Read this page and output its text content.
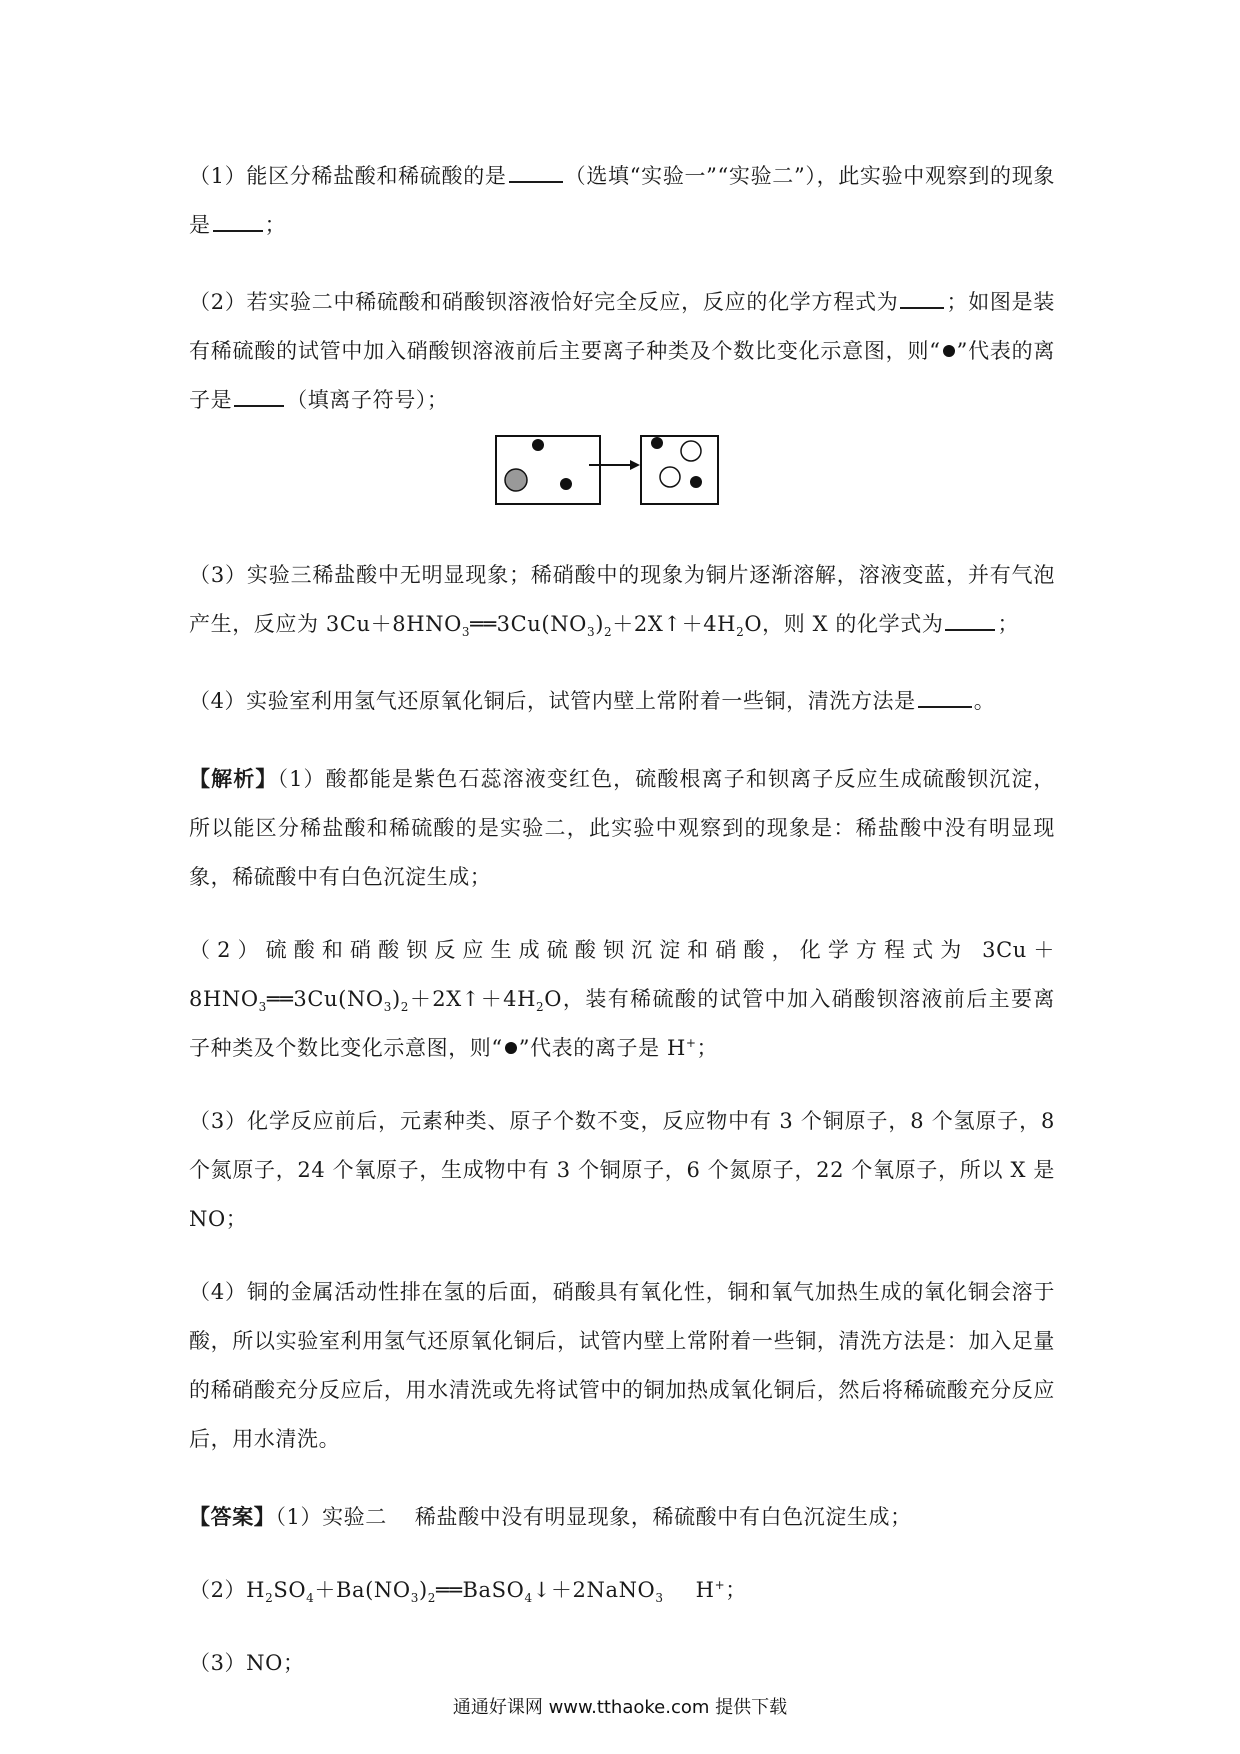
（1）能区分稀盐酸和稀硫酸的是	（选填“实验一”“实验二”），此实验中观察到的现象是	；

（2）若实验二中稀硫酸和硝酸钡溶液恰好完全反应，反应的化学方程式为 ；如图是装有稀硫酸的试管中加入硝酸钡溶液前后主要离子种类及个数比变化示意图，则“ ”代表的离子是	（填离子符号）；

（3）实验三稀盐酸中无明显现象；稀硝酸中的现象为铜片逐渐溶解，溶液变蓝，并有气泡产生，反应为 $3Cu+8HNO_3══3Cu(NO_3)_2+2X↑+4H_2O$，则 X 的化学式为	；

（4）实验室利用氢气还原氧化铜后，试管内壁上常附着一些铜，清洗方法是	。

【解析】（1）酸都能是紫色石蕊溶液变红色，硫酸根离子和钡离子反应生成硫酸钡沉淀，所以能区分稀盐酸和稀硫酸的是实验二，此实验中观察到的现象是：稀盐酸中没有明显现象，稀硫酸中有白色沉淀生成；

（2）硫酸和硝酸钡反应生成硫酸钡沉淀和硝酸，化学方程式为 $3Cu+8HNO_3══3Cu(NO_3)_2+2X↑+4H_2O$，装有稀硫酸的试管中加入硝酸钡溶液前后主要离子种类及个数比变化示意图，则“ ”代表的离子是 H+；

（3）化学反应前后，元素种类、原子个数不变，反应物中有 3 个铜原子，8 个氢原子，8 个氮原子，24 个氧原子，生成物中有 3 个铜原子，6 个氮原子，22 个氧原子，所以 X 是 NO；

（4）铜的金属活动性排在氢的后面，硝酸具有氧化性，铜和氧气加热生成的氧化铜会溶于酸，所以实验室利用氢气还原氧化铜后，试管内壁上常附着一些铜，清洗方法是：加入足量的稀硝酸充分反应后，用水清洗或先将试管中的铜加热成氧化铜后，然后将稀硫酸充分反应后，用水清洗。

【答案】（1）实验二 稀盐酸中没有明显现象，稀硫酸中有白色沉淀生成；

$(2)H_2SO_4+Ba(NO_3)_2══BaSO_4↓+2NaNO_3$ H+；

（3）NO；

通通好课网 www.tthaoke.com 提供下载
